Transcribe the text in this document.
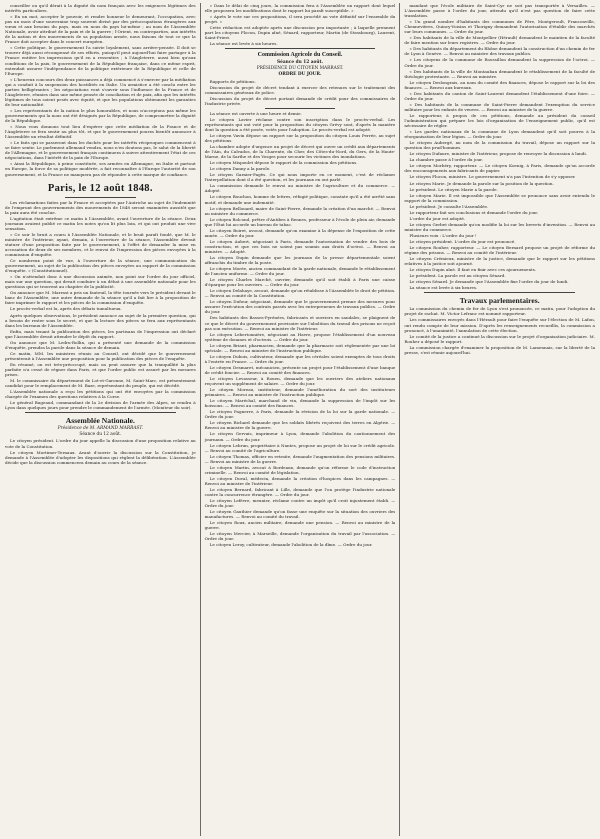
conseiller ou qu'il dérait à la dignité du nom français avec les exigences légitimes des intérêts particuliers.

« En un mot, accepter le pouvoir, et rendre honneur le demeurant, l'occupation, avec pas un mois d'une souveraine trop souvent divisé par des préoccupations étrangères aux vœux et aux besoins du pays, mais en nous du pays lui-même ; au nom de l'Assemblée Nationale, avoir attribué de la paix et de la guerre ; l'Orient, en contreparties, aux intérêts de la nation et des mouvements de sa population armée, nous faisons de tout ce que la France doit accepter dans le concert européen.

« Cette politique, le gouvernement l'a suivie loyalement, sans arrière-pensée. Il doit se trouver déjà aussi récompensé de ses efforts, puisqu'il peut aujourd'hui faire partager à la France entière les impressions qu'il en a ressenties ; à l'Angleterre, aussi bien qu'aux conditions de la paix, le gouvernement de la République française, dans ce même esprit, entendait assurer l'indépendance de la politique extérieure de la République et celle de l'Europe.

« L'heureux concours des deux puissances a déjà commencé à s'exercer par la médiation qui a conduit à la suspension des hostilités en Italie. Un armistice a été conclu entre les parties belligérantes ; les négociations vont s'ouvrir sous l'influence de la France et de l'Angleterre, réunies dans une même pensée de conciliation et de paix, afin que les intérêts légitimes de tous soient pesés avec équité, et que les populations obtiennent les garanties de leur nationalité.

« Les représentants de la nation le plus honorables, et nous n'acceptons pas même les gouvernements qui la nous ont été désignés par la République, de compromettre la dignité de la République.

« Nous vous donnons tout lieu d'espérer que cette médiation de la France et de l'Angleterre se fera sentir au plus tôt, et que le gouvernement pourra bientôt annoncer à l'Assemblée un résultat définitif.

« Le faits qui se passeront dans les duchés pour les intérêts réciproques commencent à se faire sentir. Le parlement allemand vendra, nous n'en doutons pas, le salut de la liberté de l'Allemagne, et le gouvernement français continuera à suivre attentivement l'état de ces négociations, dans l'intérêt de la paix de l'Europe.

« Ainsi la République, à peine constituée, ses armées en Allemagne, en Italie et partout en Europe, la force de sa politique modérée, a fait reconnaître à l'Europe l'autorité de son gouvernement, et la France ne manquera pas de répondre à cette marque de confiance.

Paris, le 12 août 1848.

Les réclamations faites par la France et acceptées par l'Autriche au sujet de l'indemnité de l'emprunt des gouvernements des mouvements de 1848 seront examinées aussitôt que la paix aura été conclue.

L'agitation était extrême ce matin à l'Assemblée, avant l'ouverture de la séance. Deux journaux avaient publié ce matin les notes qu'on lit plus loin, et qui ont produit une vive sensation.

« Ce soir le bruit a couru à l'Assemblée Nationale, et le bruit paraît fondé, que M. le ministre de l'intérieur, ayant, demain, à l'ouverture de la séance, l'Assemblée devrait statuer d'une proposition faite par le gouvernement, à l'effet de demander la mise en accusation de deux de ses membres, et le renvoi de l'impression des pièces envoyées à la commission d'enquête.

Ce nombreux point de vue, à l'ouverture de la séance, une communication du gouvernement, au sujet de la publication des pièces envoyées au rapport de la commission d'enquête. » (Constitutionnel).

« On n'attendait donc à une discussion animée, non point sur l'ordre du jour officiel, mais sur une question, qui devait conduire à un débat à une assemblée nationale pour les questions qui se trouvent au chapitre de la publicité.

On annonce que M. Marrast a pris un fauteuil, la tête tournée vers le président devant le banc de l'Assemblée, une autre demande de la séance qu'il a fait lire à la proposition de faire imprimer le rapport et les pièces de la commission d'enquête.

Le procès-verbal est lu, après des débats tumultueux.

Après quelques observations, le président annonce au sujet de la première question, qui a besoin de rester sous le secret, et que la lecture des pièces se fera aux représentants dans les bureaux de l'Assemblée.

Enfin, mais tenant la publication des pièces, les partisans de l'impression ont déclaré que l'Assemblée devait attendre le dépôt du rapport.

On annonce que M. Ledru-Rollin, qui a présenté une demande de la commission d'enquête, prendra la parole dans la séance de demain.

Ce matin, MM. les ministres réunis au Conseil, ont décidé que le gouvernement présenterait à l'Assemblée une proposition pour la publication des pièces de l'enquête.

En résumé, on est très-préoccupé, mais on peut assurer que la tranquillité la plus parfaite n'a cessé de régner dans Paris, et que l'ordre public est assuré par les mesures prises.

M. le commissaire du département de Lot-et-Garonne, M. Saint-Marc, est présentement candidat pour le remplacement de M. Baze, représentant du peuple, qui est décédé.

L'Assemblée nationale a reçu les pétitions qui ont été envoyées par la commission chargée de l'examen des questions relatives à la Corse.

Le général Bugeaud, commandant de la 2e division de l'armée des Alpes, se rendra à Lyon dans quelques jours pour prendre le commandement de l'armée. (Moniteur du soir).

Assemblée Nationale.

Présidence de M. ARMAND MARRAST.

Séance du 12 août.

Le citoyen président. L'ordre du jour appelle la discussion d'une proposition relative au vote de la Constitution.

Le citoyen Mortimer-Ternaux. Avant d'ouvrir la discussion sur la Constitution, je demande à l'Assemblée d'adopter les dispositions qui règlent la délibération. L'Assemblée décide que la discussion commencera demain au cours de la séance.

» Dans le délai de cinq jours, la commission fera à l'Assemblée un rapport dont lequel elle proposera les modifications dont le rapport lui paraît susceptible. »

« Après le vote sur ces propositions, il sera procédé au vote définitif sur l'ensemble du projet. »

Cette rédaction est adoptée après une discussion peu importante ; à laquelle prennent part les citoyens Flocon, Dupin aîné, Sénard, rapporteur, Martin (de Strasbourg), Laurent, Saint-Priest.

La séance est levée à six heures.

Commission Agricole du Conseil.

Séance du 12 août.

PRÉSIDENCE DU CITOYEN MARRAST.

ORDRE DU JOUR.

Rapports de pétitions.

Discussion du projet de décret tendant à exercer des retenues sur le traitement des commissaires généraux de police.

Discussion du projet de décret portant demande de crédit pour des commissaires de l'industrie privée.

La séance est ouverte à une heure et demie.

Le citoyen Lavier réclame contre son inscription dans le procès-verbal. Les représentants qui ont voté pour la proposition du citoyen Grévy sont, d'après la manière dont la question a été posée, votés pour l'adoption. Le procès-verbal est adopté.

Le citoyen Vavin dépose un rapport sur la proposition du citoyen Louis Perrée, au sujet des pétitions.

La chambre adopte d'urgence un projet de décret qui ouvre un crédit aux départements de l'Ain, du Calvados, de la Charente, du Cher, des Côtes-du-Nord, du Gers, de la Haute-Marne, de la Sarthe et des Vosges pour secourir les victimes des inondations.

Le citoyen Mispoulet dépose le rapport de la commission des pétitions.

Le citoyen Danny a la parole.

Le citoyen Garnier-Pagès. Ce qui nous importe en ce moment, c'est de réclamer l'interpellation dont il a été question, et les journaux en ont parlé.

La commission demande le renvoi au ministre de l'agriculture et du commerce. — Adopté.

Le citoyen Bouchon, homme de lettres, réfugié politique, constate qu'il a été arrêté sans motif, et demande une indemnité.

Le citoyen Bellouard, maire de Saint-Pierre, demande la création d'un marché. — Renvoi au ministre du commerce.

Le citoyen Bolcond, prêtre d'Antibes à Rennes, professeur à l'école de plein air, demande que l'État lui accorde un bureau de tabac.

Le citoyen Boiret, avocat, demande qu'on examine à la dépense de l'exposition de cette année. — Ordre du jour.

Le citoyen Aubert, négociant à Paris, demande l'autorisation de vendre des bois de construction, et que ces bois ne soient pas soumis aux droits d'octroi. — Renvoi au ministre. — Adopté.

La citoyen Dupin demande que les journaux de la presse départementale soient affranchis du timbre de la poste.

Le citoyen Morée, ancien commandant de la garde nationale, demande le rétablissement de l'ancien uniforme. — Ordre du jour.

Le citoyen Charles Marché, ouvrier, demande qu'il soit établi à Paris une caisse d'épargne pour les ouvriers. — Ordre du jour.

Le citoyen Delahaye, avocat, demande qu'on rétablisse à l'Assemblée le droit de pétition. — Renvoi au comité de la Constitution.

Le citoyen Dufour, négociant, demande que le gouvernement prenne des mesures pour assurer l'exécution des contrats passés avec les entrepreneurs de travaux publics. — Ordre du jour.

Des habitants des Basses-Pyrénées, fabricants et ouvriers en sandales, se plaignent de ce que le décret du gouvernement provisoire sur l'abolition du travail des prisons ne reçoit pas son exécution. — Renvoi au ministre de l'intérieur.

Le citoyen Lebertonnière, négociant au Havre, propose l'établissement d'un nouveau système de douanes et d'octrois. — Ordre du jour.

Le citoyen Briant, pharmacien, demande que la pharmacie soit réglementée par une loi spéciale. — Renvoi au ministre de l'instruction publique.

Le citoyen Dubois, cultivateur, demande que les céréales soient exemptes de tous droits à l'entrée en France. — Ordre du jour.

Le citoyen Desmaret, mécanicien, présente un projet pour l'établissement d'une banque de crédit foncier. — Renvoi au comité des finances.

Le citoyen Levasseur, à Rouen, demande que les ouvriers des ateliers nationaux reçoivent un supplément de salaire. — Ordre du jour.

Le citoyen Moreau, instituteur, demande l'amélioration du sort des instituteurs primaires. — Renvoi au ministre de l'instruction publique.

Le citoyen Maréchal, marchand de vin, demande la suppression de l'impôt sur les boissons. — Renvoi au comité des finances.

Le citoyen Pagnerre, à Paris, demande la révision de la loi sur la garde nationale. — Ordre du jour.

Le citoyen Richard demande que les soldats libérés reçoivent des terres en Algérie. — Renvoi au ministre de la guerre.

Le citoyen Gervais, imprimeur à Lyon, demande l'abolition du cautionnement des journaux. — Ordre du jour.

Le citoyen Lebrun, propriétaire à Nantes, propose un projet de loi sur le crédit agricole. — Renvoi au comité de l'agriculture.

Le citoyen Thomas, officier en retraite, demande l'augmentation des pensions militaires. — Renvoi au ministre de la guerre.

Le citoyen Martin, avocat à Bordeaux, demande qu'on réforme le code d'instruction criminelle. — Renvoi au comité de législation.

Le citoyen Duval, médecin, demande la création d'hospices dans les campagnes. — Renvoi au ministre de l'intérieur.

Le citoyen Bernard, fabricant à Lille, demande que l'on protège l'industrie nationale contre la concurrence étrangère. — Ordre du jour.

Le citoyen Lefèvre, meunier, réclame contre un impôt qu'il croit injustement établi. — Ordre du jour.

Le citoyen Gauthier demande qu'on fasse une enquête sur la situation des ouvriers des manufactures. — Renvoi au comité du travail.

Le citoyen Roux, ancien militaire, demande une pension. — Renvoi au ministre de la guerre.

Le citoyen Mercier, à Marseille, demande l'organisation du travail par l'association. — Ordre du jour.

Le citoyen Leroy, cultivateur, demande l'abolition de la dîme. — Ordre du jour.

mandant que l'école militaire de Saint-Cyr ne soit pas transportée à Versailles. — L'Assemblée passe à l'ordre du jour, attendu qu'il n'est pas question de faire cette translation.

« Un grand nombre d'habitants des communes de Fère, Montgeroult, Franconville, Chennevières, Quincy-Voisins et Thorigny demandent l'autorisation d'établir des marchés sur leurs communes. — Ordre du jour.

« Des habitants de la ville de Montpellier (Hérault) demandent le maintien de la faculté de faire mention sur leurs registres. — Ordre du jour.

« Des habitants du département du Rhône demandent la construction d'un chemin de fer de Lyon à Genève. — Renvoi au ministre des travaux publics.

« Les citoyens de la commune de Roussillon demandent la suppression de l'octroi. — Ordre du jour.

« Des habitants de la ville de Montauban demandent le rétablissement de la faculté de théologie protestante. — Renvoi au ministre.

Le citoyen Deslongrais, au nom du comité des finances, dépose le rapport sur la loi des finances. — Renvoi aux bureaux.

« Des habitants du canton de Saint-Laurent demandent l'établissement d'une foire. — Ordre du jour.

« Des habitants de la commune de Saint-Pierre demandent l'exemption du service militaire pour les enfants de veuves. — Renvoi au ministre de la guerre.

Le rapporteur, à propos de ces pétitions, demande au président du conseil l'administration qui prépare les lois d'organisation de l'enseignement public, qu'il est nécessaire de régler.

« Les gardes nationaux de la commune de Lyon demandent qu'il soit pourvu à la réorganisation de leur légion. — Ordre du jour.

Le citoyen Aubergé, au nom de la commission du travail, dépose un rapport sur la question des prud'hommes.

Le citoyen Dufaure, ministre de l'intérieur, propose de renvoyer la discussion à lundi.

La chambre passe à l'ordre du jour.

Le citoyen Morhéry, rapporteur. — Le citoyen Koenig, à Paris, demande qu'on accorde des encouragements aux fabricants de papier.

Le citoyen Flocon, ministre. Le gouvernement n'a pas l'intention de s'y opposer.

Le citoyen Marie. Je demande la parole sur la position de la question.

Le président. Le citoyen Marie a la parole.

Le citoyen Marie. Il est impossible que l'Assemblée se prononce sans avoir entendu le rapport de la commission.

Le président. Je consulte l'Assemblée.

Le rapporteur fait ses conclusions et demande l'ordre du jour.

L'ordre du jour est adopté.

Le citoyen Gerbet demande qu'on modifie la loi sur les brevets d'invention. — Renvoi au ministre du commerce.

Plusieurs voix : L'ordre du jour !

Le citoyen président. L'ordre du jour est prononcé.

Le citoyen Rouher, rapporteur. — Le citoyen Bernard propose un projet de réforme du régime des prisons. — Renvoi au comité de l'intérieur.

Le citoyen Crémieux, ministre de la justice, demande que le rapport sur les pétitions relatives à la justice soit ajourné.

Le citoyen Dupin aîné. Il faut en finir avec ces ajournements.

Le président. La parole est au citoyen Sénard.

Le citoyen Sénard. Je demande que l'Assemblée fixe l'ordre du jour de lundi.

La séance est levée à six heures.

Travaux parlementaires.

La commission du chemin de fer de Lyon s'est prononcée, ce matin, pour l'adoption du projet de rachat. M. Victor Lefranc est nommé rapporteur.

Les commissaires envoyés dans l'Hérault pour faire l'enquête sur l'élection de M. Lafon, ont rendu compte de leur mission. D'après les renseignements recueillis, la commission a prononcé, à l'unanimité, l'annulation de cette élection.

Le comité de la justice a continué la discussion sur le projet d'organisation judiciaire. M. Rouher a déposé le rapport.

La commission chargée d'examiner la proposition de M. Lamennais, sur la liberté de la presse, s'est réunie aujourd'hui.
